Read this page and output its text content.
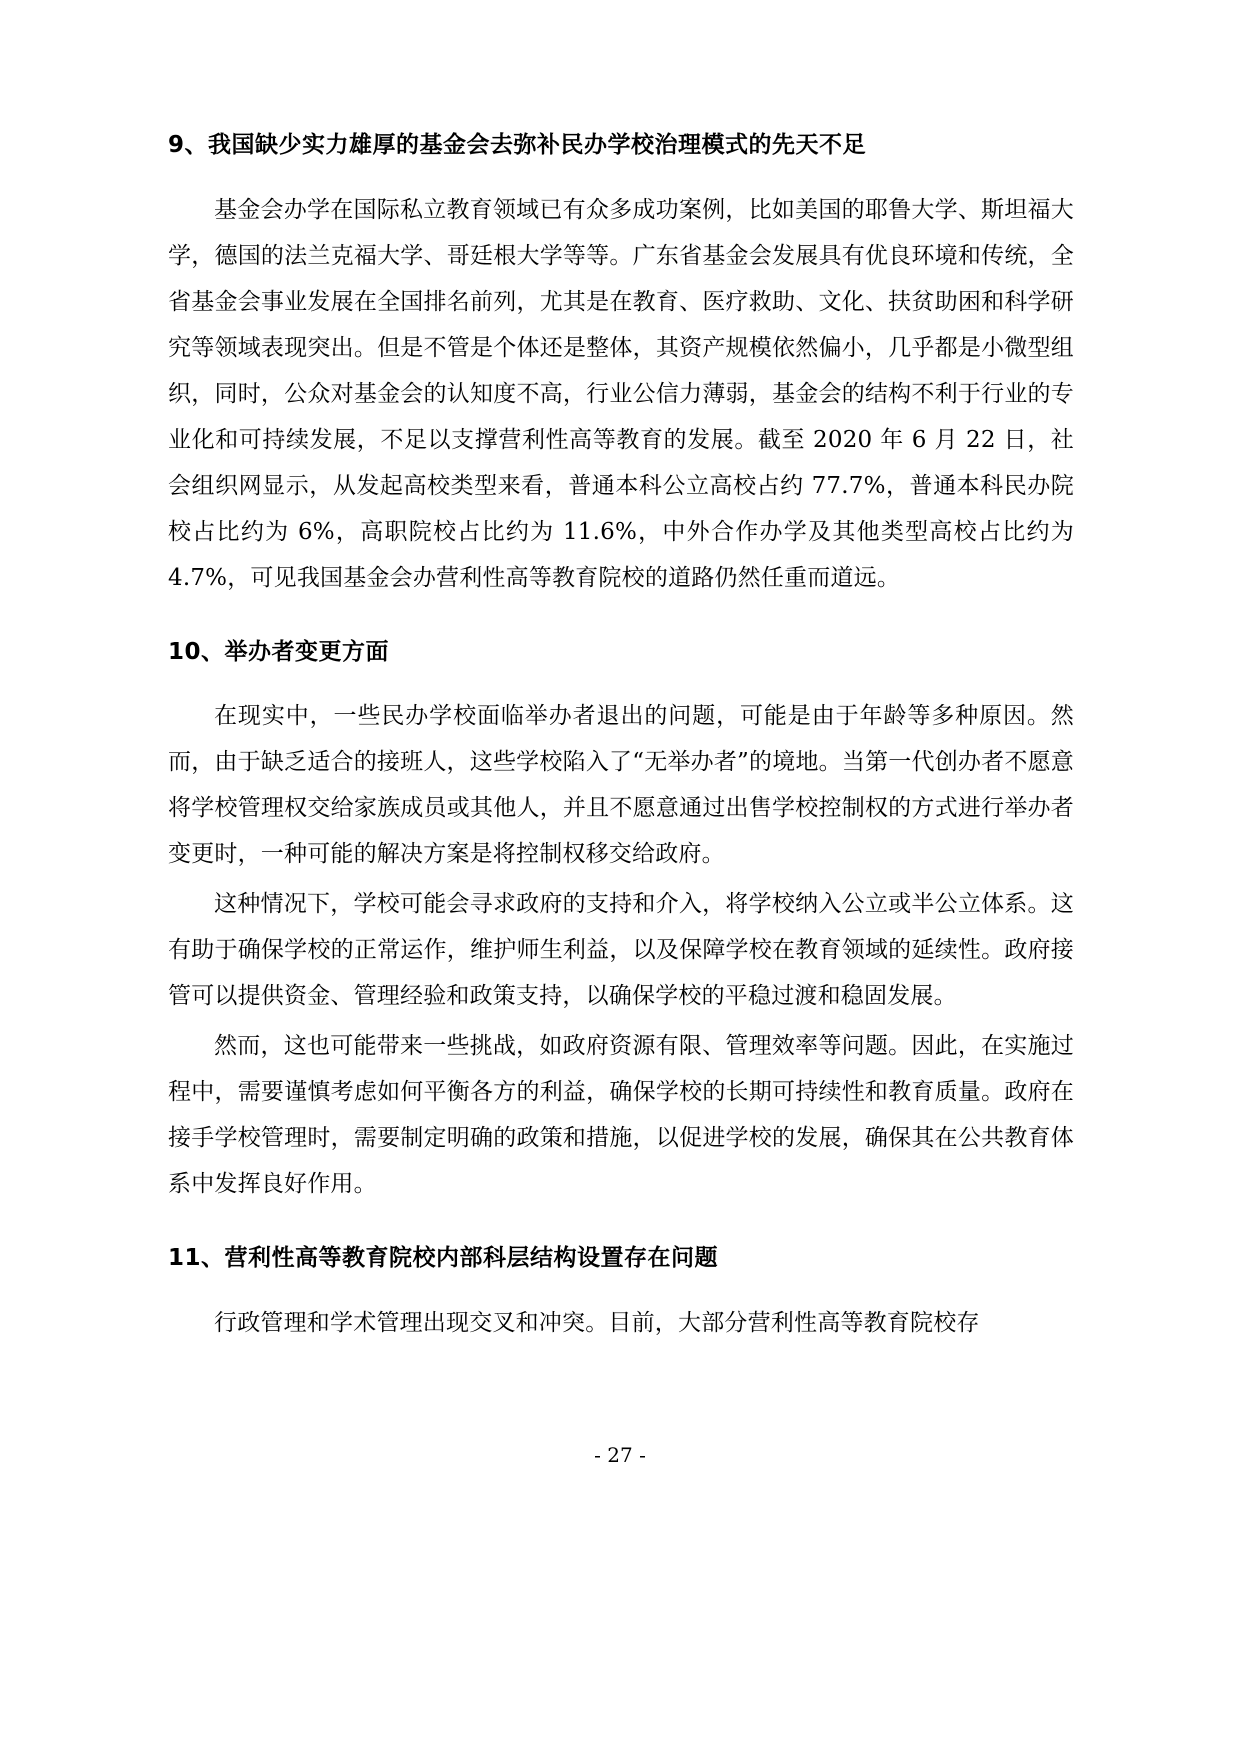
9、我国缺少实力雄厚的基金会去弥补民办学校治理模式的先天不足

基金会办学在国际私立教育领域已有众多成功案例，比如美国的耶鲁大学、斯坦福大学，德国的法兰克福大学、哥廷根大学等等。广东省基金会发展具有优良环境和传统，全省基金会事业发展在全国排名前列，尤其是在教育、医疗救助、文化、扶贫助困和科学研究等领域表现突出。但是不管是个体还是整体，其资产规模依然偏小，几乎都是小微型组织，同时，公众对基金会的认知度不高，行业公信力薄弱，基金会的结构不利于行业的专业化和可持续发展，不足以支撑营利性高等教育的发展。截至 2020 年 6 月 22 日，社会组织网显示，从发起高校类型来看，普通本科公立高校占约 77.7%，普通本科民办院校占比约为 6%，高职院校占比约为 11.6%，中外合作办学及其他类型高校占比约为 4.7%，可见我国基金会办营利性高等教育院校的道路仍然任重而道远。

10、举办者变更方面

在现实中，一些民办学校面临举办者退出的问题，可能是由于年龄等多种原因。然而，由于缺乏适合的接班人，这些学校陷入了“无举办者”的境地。当第一代创办者不愿意将学校管理权交给家族成员或其他人，并且不愿意通过出售学校控制权的方式进行举办者变更时，一种可能的解决方案是将控制权移交给政府。

这种情况下，学校可能会寻求政府的支持和介入，将学校纳入公立或半公立体系。这有助于确保学校的正常运作，维护师生利益，以及保障学校在教育领域的延续性。政府接管可以提供资金、管理经验和政策支持，以确保学校的平稳过渡和稳固发展。

然而，这也可能带来一些挑战，如政府资源有限、管理效率等问题。因此，在实施过程中，需要谨慎考虑如何平衡各方的利益，确保学校的长期可持续性和教育质量。政府在接手学校管理时，需要制定明确的政策和措施，以促进学校的发展，确保其在公共教育体系中发挥良好作用。

11、营利性高等教育院校内部科层结构设置存在问题

行政管理和学术管理出现交叉和冲突。目前，大部分营利性高等教育院校存

- 27 -
